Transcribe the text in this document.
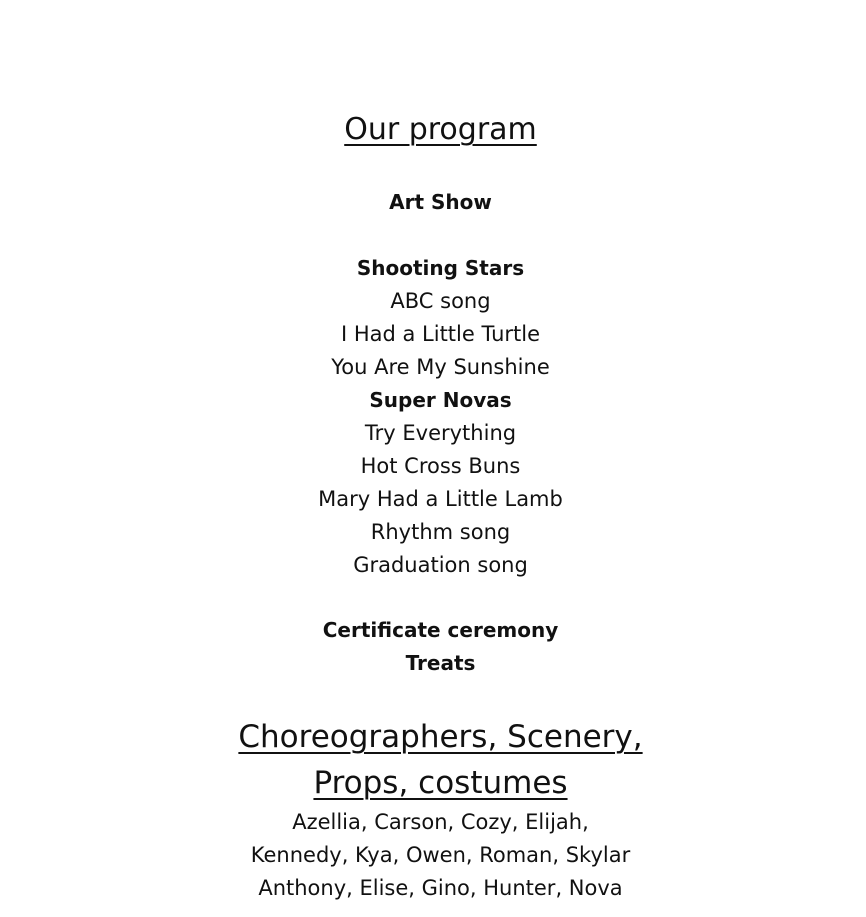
Our program
Art Show
Shooting Stars
ABC song
I Had a Little Turtle
You Are My Sunshine
Super Novas
Try Everything
Hot Cross Buns
Mary Had a Little Lamb
Rhythm song
Graduation song
Certificate ceremony
Treats
Choreographers, Scenery,
Props, costumes
Azellia, Carson, Cozy, Elijah,
Kennedy, Kya, Owen, Roman, Skylar
Anthony, Elise, Gino, Hunter, Nova
